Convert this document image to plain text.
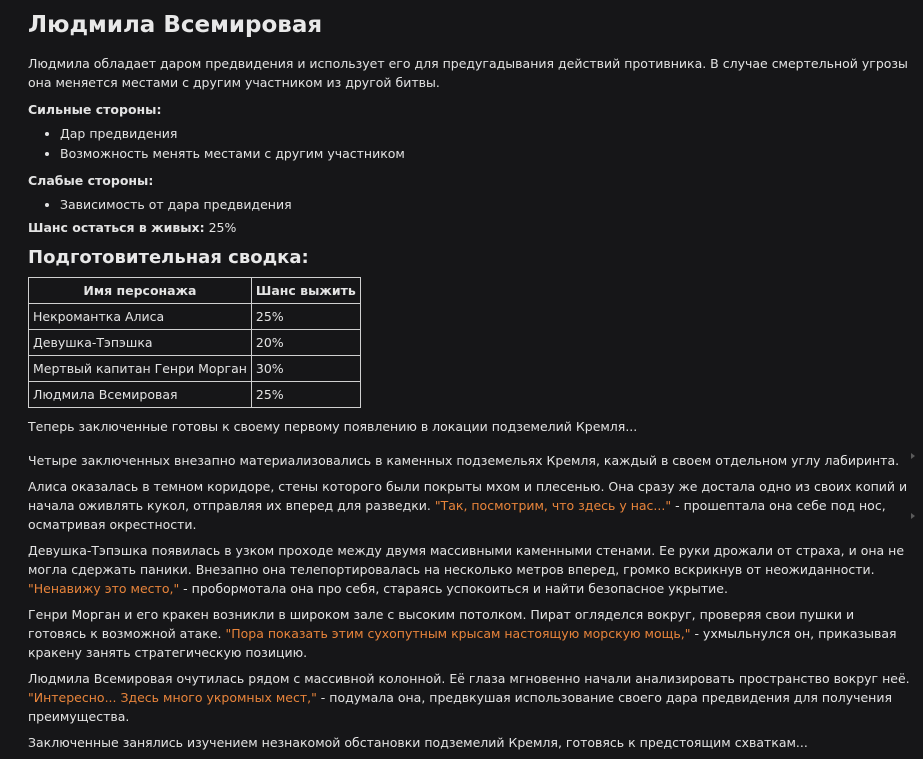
Людмила Всемировая

Людмила обладает даром предвидения и использует его для предугадывания действий противника. В случае смертельной угрозы она меняется местами с другим участником из другой битвы.

Сильные стороны:

• Дар предвидения
• Возможность менять местами с другим участником

Слабые стороны:

• Зависимость от дара предвидения

Шанс остаться в живых: 25%

Подготовительная сводка:
Имя персонажа	Шанс выжить
Некромантка Алиса	25%
Девушка-Тэпэшка	20%
Мертвый капитан Генри Морган	30%
Людмила Всемировая	25%

Теперь заключенные готовы к своему первому появлению в локации подземелий Кремля...

Четыре заключенных внезапно материализовались в каменных подземельях Кремля, каждый в своем отдельном углу лабиринта.

Алиса оказалась в темном коридоре, стены которого были покрыты мхом и плесенью. Она сразу же достала одно из своих копий и начала оживлять кукол, отправляя их вперед для разведки. "Так, посмотрим, что здесь у нас..." - прошептала она себе под нос, осматривая окрестности.

Девушка-Тэпэшка появилась в узком проходе между двумя массивными каменными стенами. Ее руки дрожали от страха, и она не могла сдержать паники. Внезапно она телепортировалась на несколько метров вперед, громко вскрикнув от неожиданности. "Ненавижу это место," - пробормотала она про себя, стараясь успокоиться и найти безопасное укрытие.

Генри Морган и его кракен возникли в широком зале с высоким потолком. Пират огляделся вокруг, проверяя свои пушки и готовясь к возможной атаке. "Пора показать этим сухопутным крысам настоящую морскую мощь," - ухмыльнулся он, приказывая кракену занять стратегическую позицию.

Людмила Всемировая очутилась рядом с массивной колонной. Её глаза мгновенно начали анализировать пространство вокруг неё. "Интересно... Здесь много укромных мест," - подумала она, предвкушая использование своего дара предвидения для получения преимущества.

Заключенные занялись изучением незнакомой обстановки подземелий Кремля, готовясь к предстоящим схваткам...
